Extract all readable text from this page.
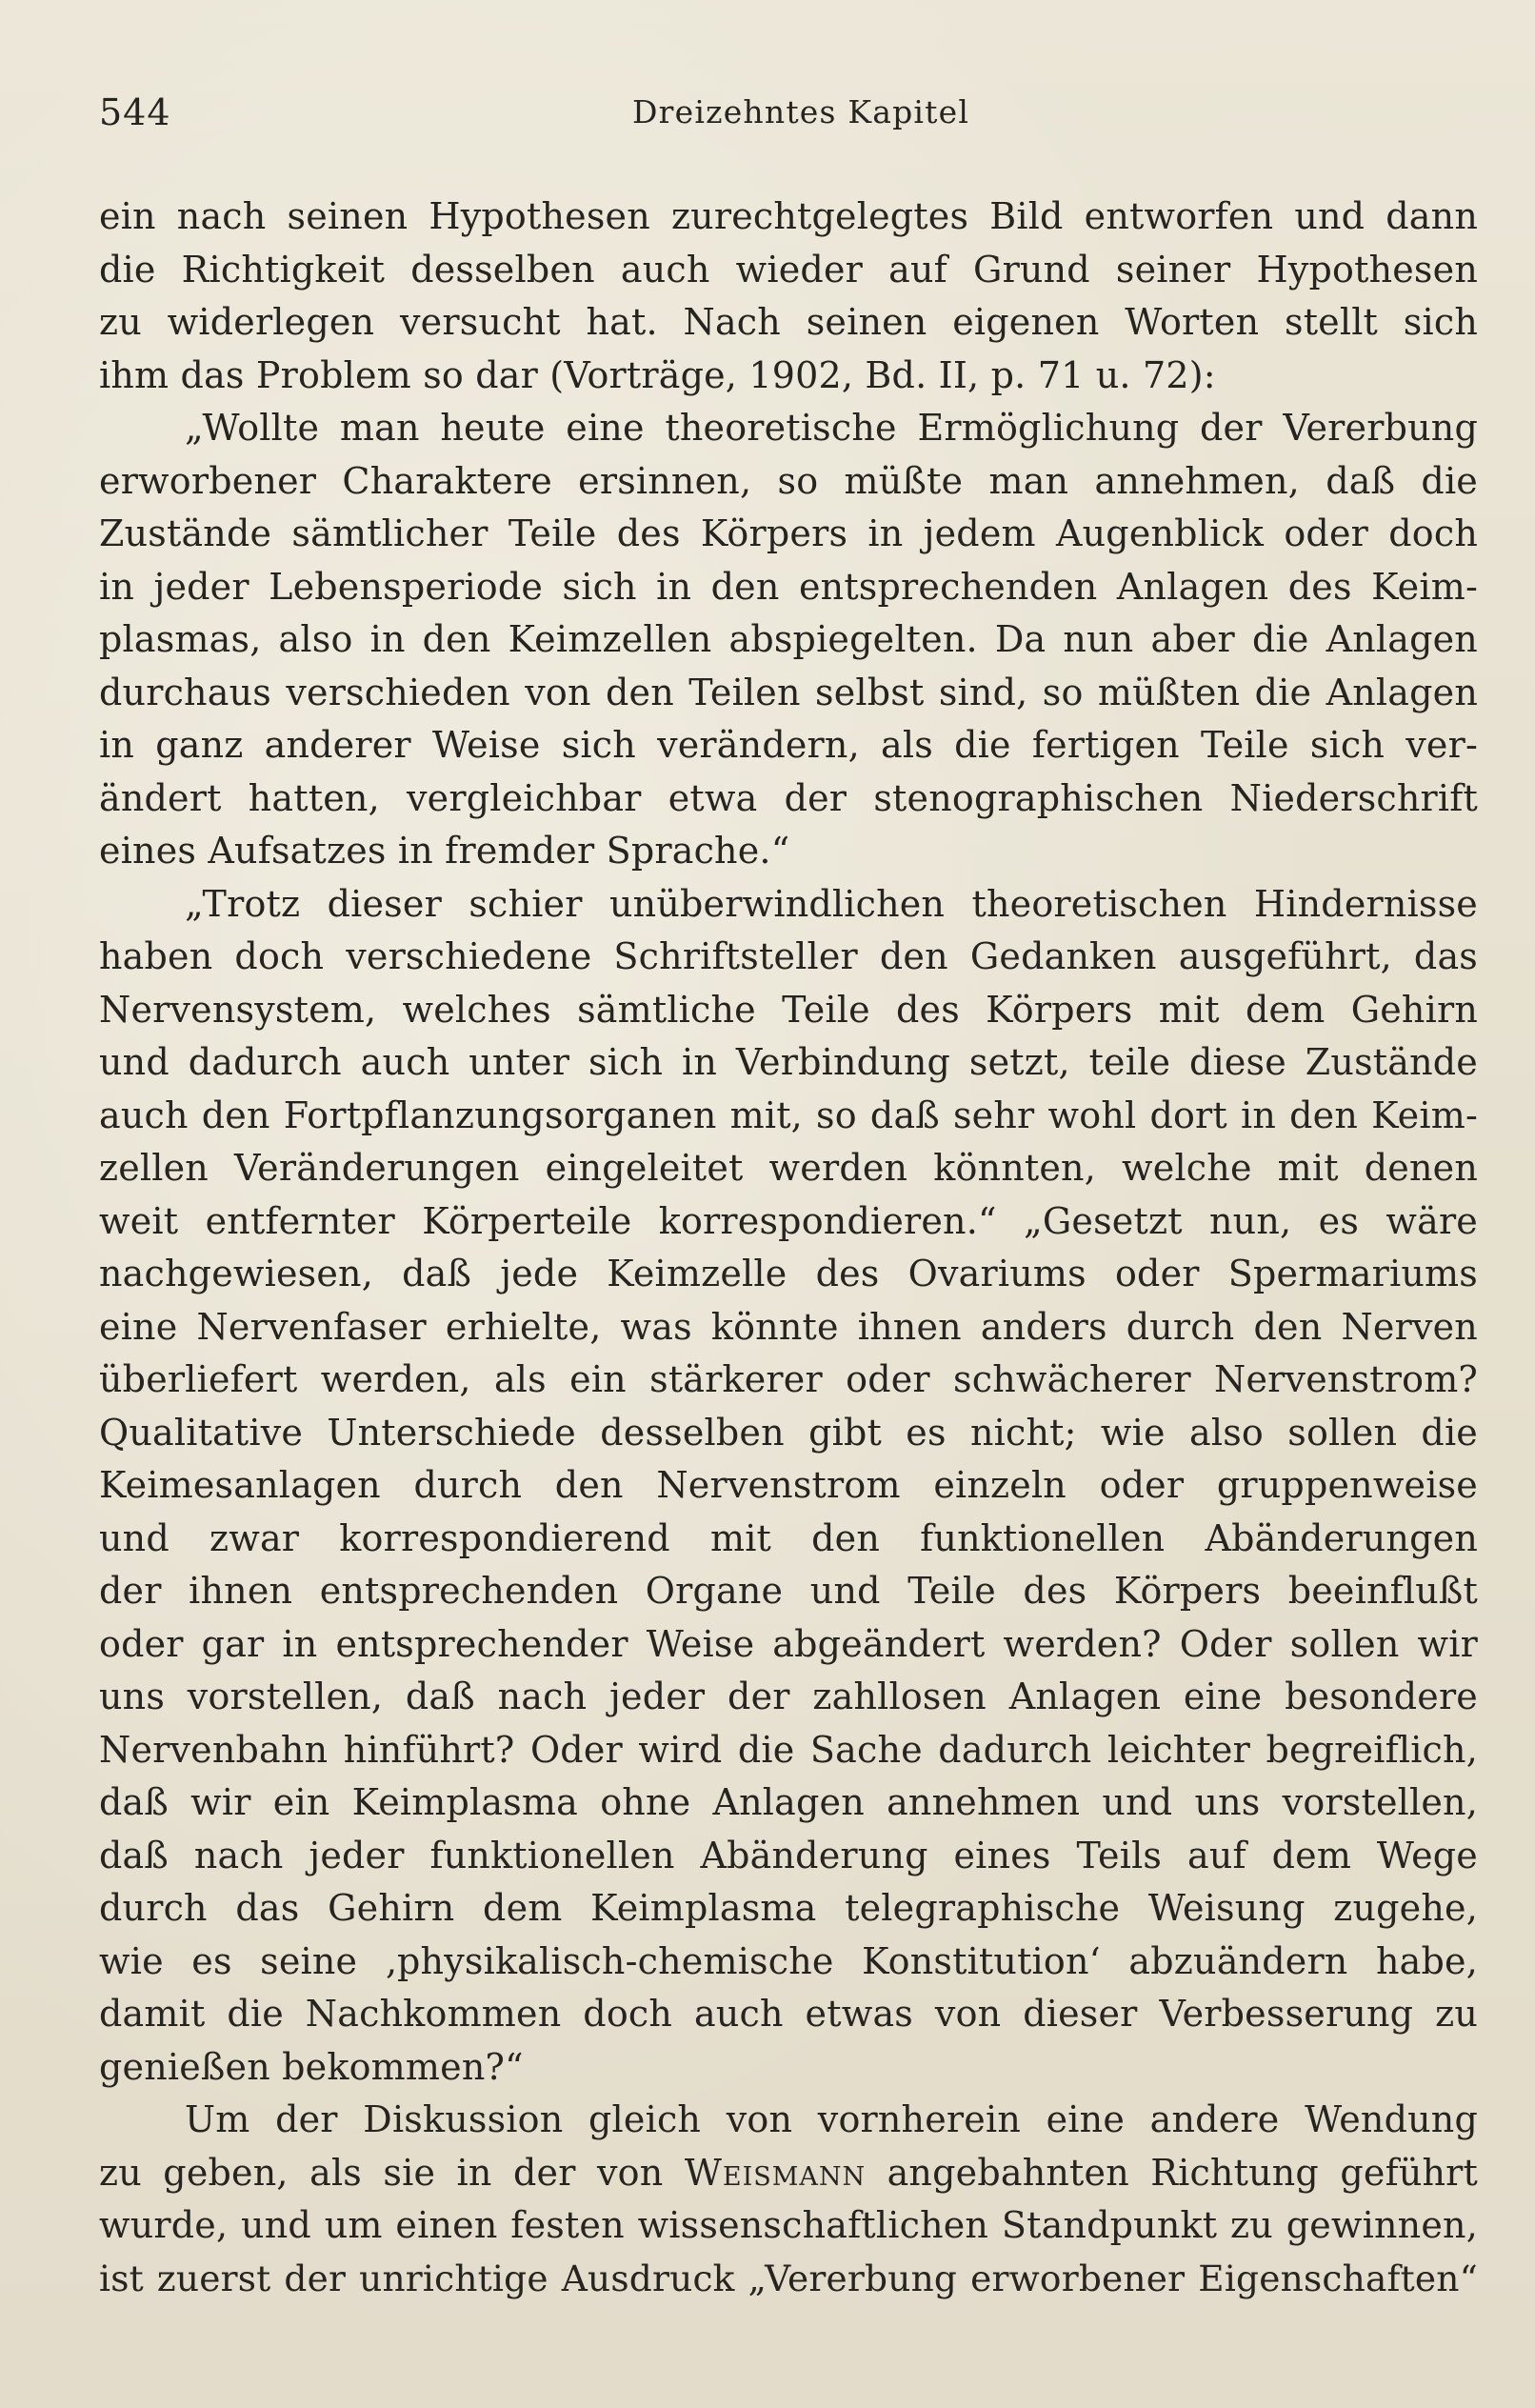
544	Dreizehntes Kapitel
ein nach seinen Hypothesen zurechtgelegtes Bild entworfen und dann
die Richtigkeit desselben auch wieder auf Grund seiner Hypothesen
zu widerlegen versucht hat. Nach seinen eigenen Worten stellt sich
ihm das Problem so dar (Vorträge, 1902, Bd. II, p. 71 u. 72):
„Wollte man heute eine theoretische Ermöglichung der Vererbung
erworbener Charaktere ersinnen, so müßte man annehmen, daß die
Zustände sämtlicher Teile des Körpers in jedem Augenblick oder doch
in jeder Lebensperiode sich in den entsprechenden Anlagen des Keim-
plasmas, also in den Keimzellen abspiegelten. Da nun aber die Anlagen
durchaus verschieden von den Teilen selbst sind, so müßten die Anlagen
in ganz anderer Weise sich verändern, als die fertigen Teile sich ver-
ändert hatten, vergleichbar etwa der stenographischen Niederschrift
eines Aufsatzes in fremder Sprache.“
„Trotz dieser schier unüberwindlichen theoretischen Hindernisse
haben doch verschiedene Schriftsteller den Gedanken ausgeführt, das
Nervensystem, welches sämtliche Teile des Körpers mit dem Gehirn
und dadurch auch unter sich in Verbindung setzt, teile diese Zustände
auch den Fortpflanzungsorganen mit, so daß sehr wohl dort in den Keim-
zellen Veränderungen eingeleitet werden könnten, welche mit denen
weit entfernter Körperteile korrespondieren.“ „Gesetzt nun, es wäre
nachgewiesen, daß jede Keimzelle des Ovariums oder Spermariums
eine Nervenfaser erhielte, was könnte ihnen anders durch den Nerven
überliefert werden, als ein stärkerer oder schwächerer Nervenstrom?
Qualitative Unterschiede desselben gibt es nicht; wie also sollen die
Keimesanlagen durch den Nervenstrom einzeln oder gruppenweise
und zwar korrespondierend mit den funktionellen Abänderungen
der ihnen entsprechenden Organe und Teile des Körpers beeinflußt
oder gar in entsprechender Weise abgeändert werden? Oder sollen wir
uns vorstellen, daß nach jeder der zahllosen Anlagen eine besondere
Nervenbahn hinführt? Oder wird die Sache dadurch leichter begreiflich,
daß wir ein Keimplasma ohne Anlagen annehmen und uns vorstellen,
daß nach jeder funktionellen Abänderung eines Teils auf dem Wege
durch das Gehirn dem Keimplasma telegraphische Weisung zugehe,
wie es seine ‚physikalisch-chemische Konstitution‘ abzuändern habe,
damit die Nachkommen doch auch etwas von dieser Verbesserung zu
genießen bekommen?“
Um der Diskussion gleich von vornherein eine andere Wendung
zu geben, als sie in der von Weismann angebahnten Richtung geführt
wurde, und um einen festen wissenschaftlichen Standpunkt zu gewinnen,
ist zuerst der unrichtige Ausdruck „Vererbung erworbener Eigenschaften“
